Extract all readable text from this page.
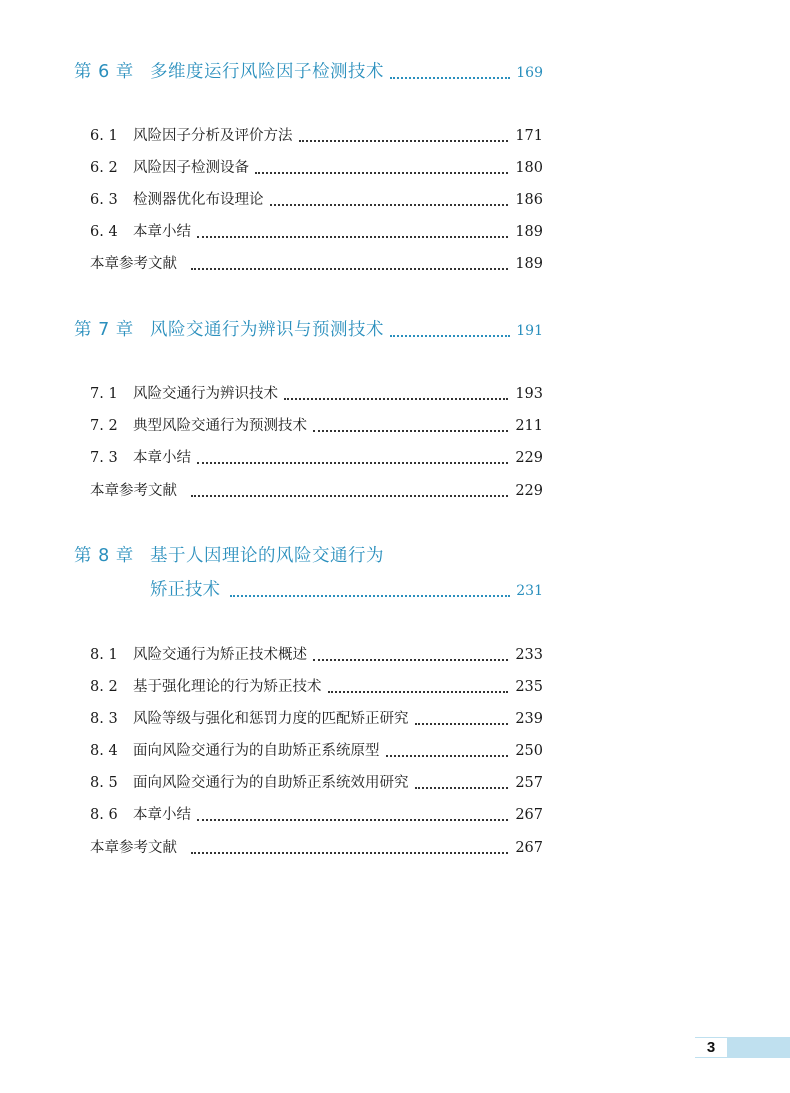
第 6 章 多维度运行风险因子检测技术	169
6. 1	风险因子分析及评价方法	171
6. 2	风险因子检测设备	180
6. 3	检测器优化布设理论	186
6. 4	本章小结	189
本章参考文献	189
第 7 章 风险交通行为辨识与预测技术	191
7. 1	风险交通行为辨识技术	193
7. 2	典型风险交通行为预测技术	211
7. 3	本章小结	229
本章参考文献	229
第 8 章 基于人因理论的风险交通行为
矫正技术	231
8. 1	风险交通行为矫正技术概述	233
8. 2	基于强化理论的行为矫正技术	235
8. 3	风险等级与强化和惩罚力度的匹配矫正研究	239
8. 4	面向风险交通行为的自助矫正系统原型	250
8. 5	面向风险交通行为的自助矫正系统效用研究	257
8. 6	本章小结	267
本章参考文献	267
3
